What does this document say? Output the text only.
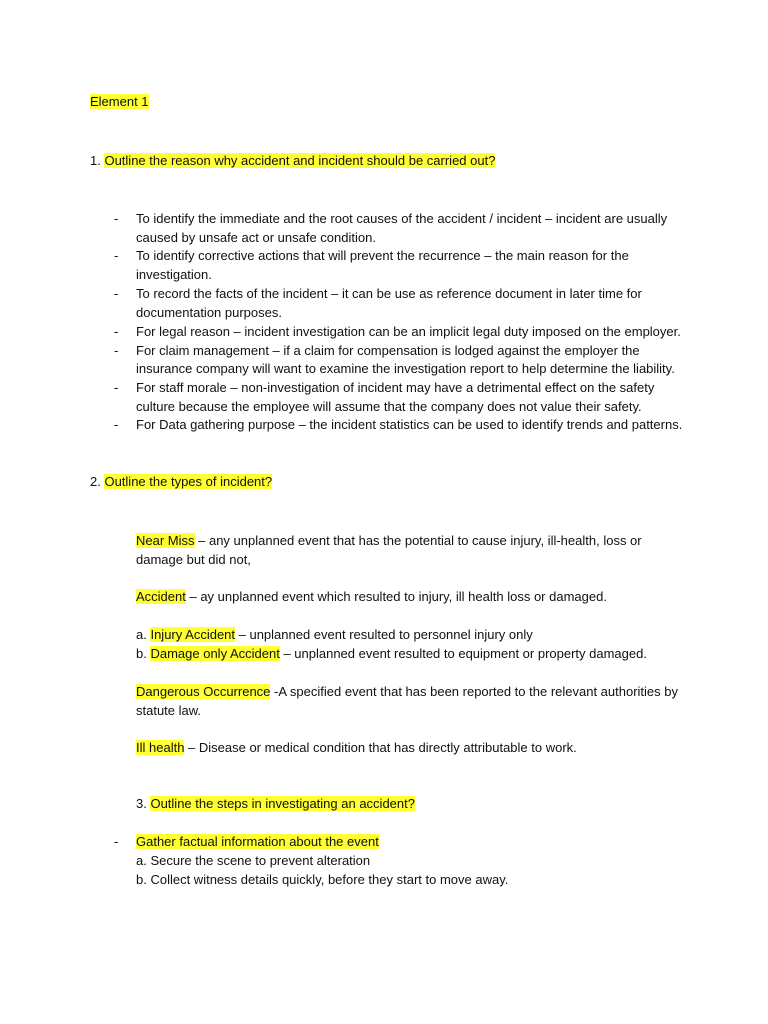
Element 1
1. Outline the reason why accident and incident should be carried out?
- To identify the immediate and the root causes of the accident / incident – incident are usually
caused by unsafe act or unsafe condition.
- To identify corrective actions that will prevent the recurrence – the main reason for the
investigation.
- To record the facts of the incident – it can be use as reference document in later time for
documentation purposes.
- For legal reason – incident investigation can be an implicit legal duty imposed on the employer.
- For claim management – if a claim for compensation is lodged against the employer the
insurance company will want to examine the investigation report to help determine the liability.
- For staff morale – non-investigation of incident may have a detrimental effect on the safety
culture because the employee will assume that the company does not value their safety.
- For Data gathering purpose – the incident statistics can be used to identify trends and patterns.
2. Outline the types of incident?
Near Miss – any unplanned event that has the potential to cause injury, ill-health, loss or
damage but did not,
Accident – ay unplanned event which resulted to injury, ill health loss or damaged.
a. Injury Accident – unplanned event resulted to personnel injury only
b. Damage only Accident – unplanned event resulted to equipment or property damaged.
Dangerous Occurrence -A specified event that has been reported to the relevant authorities by
statute law.
Ill health – Disease or medical condition that has directly attributable to work.
3. Outline the steps in investigating an accident?
- Gather factual information about the event
a. Secure the scene to prevent alteration
b. Collect witness details quickly, before they start to move away.
